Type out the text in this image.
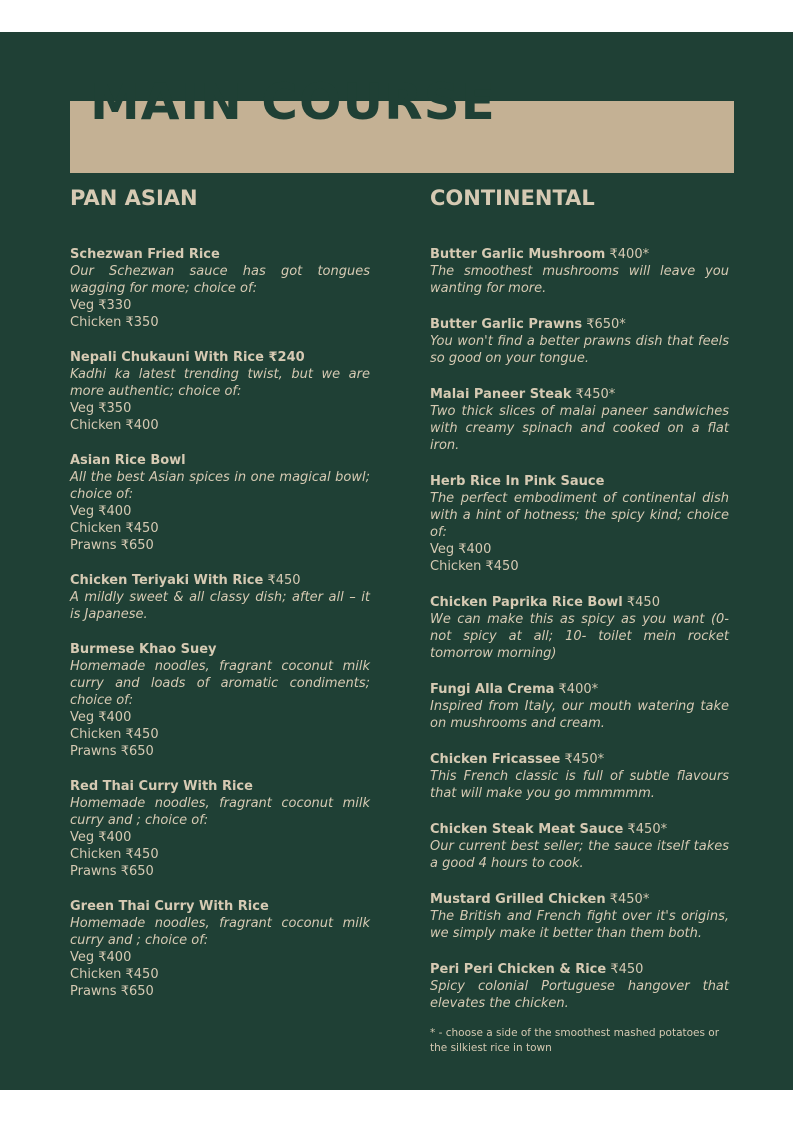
MAIN COURSE
PAN ASIAN
Schezwan Fried Rice
Our Schezwan sauce has got tongues wagging for more; choice of:
Veg ₹330
Chicken ₹350
Nepali Chukauni With Rice ₹240
Kadhi ka latest trending twist, but we are more authentic; choice of:
Veg ₹350
Chicken ₹400
Asian Rice Bowl
All the best Asian spices in one magical bowl; choice of:
Veg ₹400
Chicken ₹450
Prawns ₹650
Chicken Teriyaki With Rice ₹450
A mildly sweet & all classy dish; after all – it is Japanese.
Burmese Khao Suey
Homemade noodles, fragrant coconut milk curry and loads of aromatic condiments; choice of:
Veg ₹400
Chicken ₹450
Prawns ₹650
Red Thai Curry With Rice
Homemade noodles, fragrant coconut milk curry and ; choice of:
Veg ₹400
Chicken ₹450
Prawns ₹650
Green Thai Curry With Rice
Homemade noodles, fragrant coconut milk curry and ; choice of:
Veg ₹400
Chicken ₹450
Prawns ₹650
CONTINENTAL
Butter Garlic Mushroom ₹400*
The smoothest mushrooms will leave you wanting for more.
Butter Garlic Prawns ₹650*
You won't find a better prawns dish that feels so good on your tongue.
Malai Paneer Steak ₹450*
Two thick slices of malai paneer sandwiches with creamy spinach and cooked on a flat iron.
Herb Rice In Pink Sauce
The perfect embodiment of continental dish with a hint of hotness; the spicy kind; choice of:
Veg ₹400
Chicken ₹450
Chicken Paprika Rice Bowl ₹450
We can make this as spicy as you want (0-not spicy at all; 10- toilet mein rocket tomorrow morning)
Fungi Alla Crema ₹400*
Inspired from Italy, our mouth watering take on mushrooms and cream.
Chicken Fricassee ₹450*
This French classic is full of subtle flavours that will make you go mmmmmm.
Chicken Steak Meat Sauce ₹450*
Our current best seller; the sauce itself takes a good 4 hours to cook.
Mustard Grilled Chicken ₹450*
The British and French fight over it's origins, we simply make it better than them both.
Peri Peri Chicken & Rice ₹450
Spicy colonial Portuguese hangover that elevates the chicken.
* - choose a side of the smoothest mashed potatoes or the silkiest rice in town
